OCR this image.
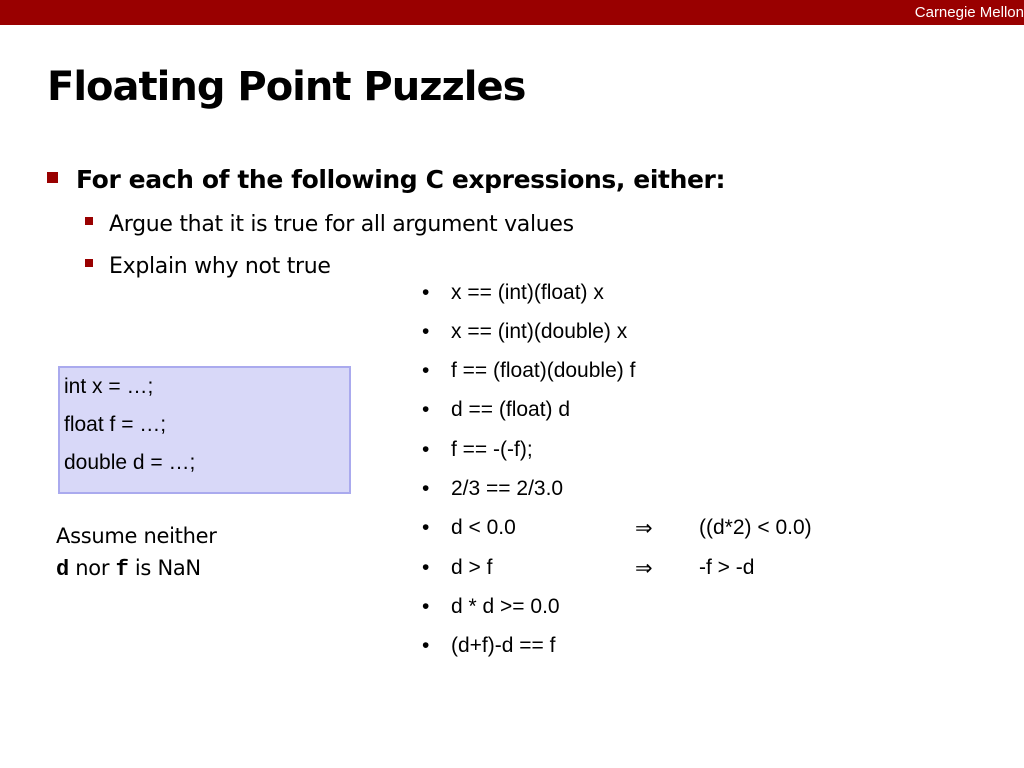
Carnegie Mellon
Floating Point Puzzles
For each of the following C expressions, either:
Argue that it is true for all argument values
Explain why not true
int x = …;
float f = …;
double d = …;
Assume neither
d nor f is NaN
• x == (int)(float) x
• x == (int)(double) x
• f == (float)(double) f
• d == (float) d
• f == -(-f);
• 2/3 == 2/3.0
• d < 0.0	⇒ ((d*2) < 0.0)
• d > f	⇒ -f > -d
• d * d >= 0.0
• (d+f)-d == f
